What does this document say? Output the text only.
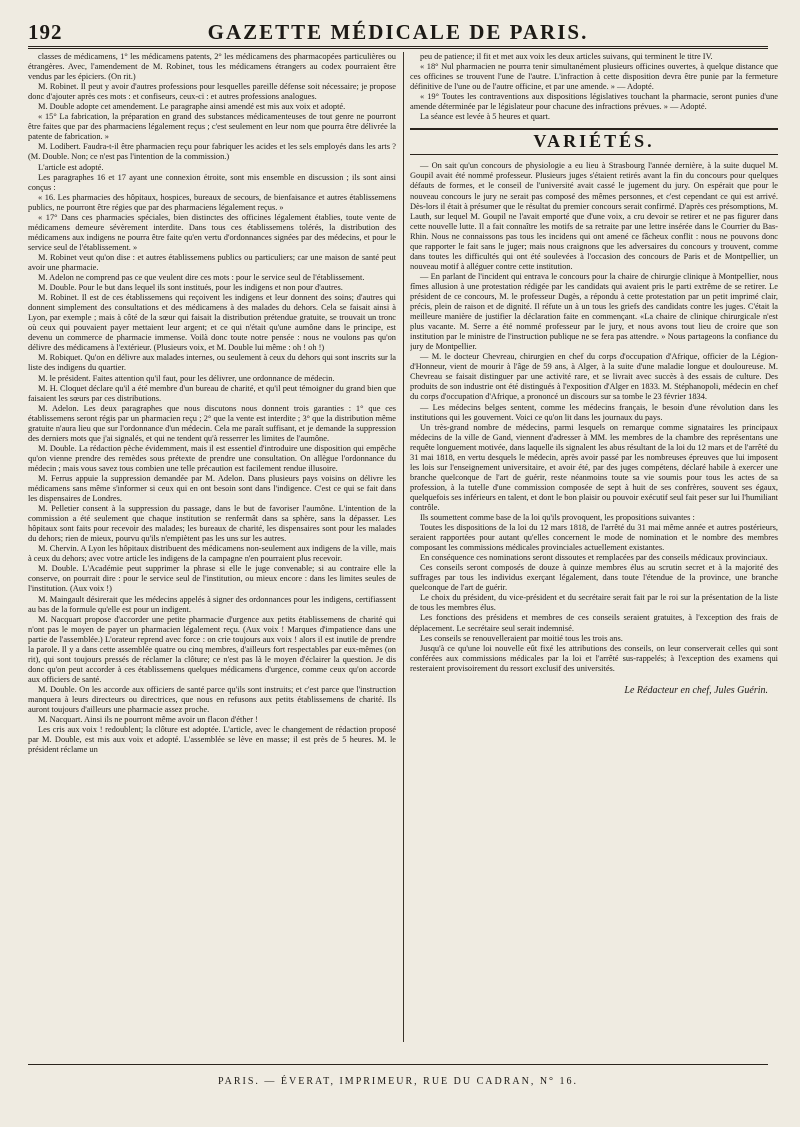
192	GAZETTE MÉDICALE DE PARIS.

classes de médicamens, 1° les médicamens patents, 2° les médicamens des pharmacopées particulières ou étrangères. Avec, l'amendement de M. Robinet, tous les médicamens étrangers au codex pourraient être vendus par les épiciers. (On rit.)

M. Robinet. Il peut y avoir d'autres professions pour lesquelles pareille défense soit nécessaire; je propose donc d'ajouter après ces mots : et confiseurs, ceux-ci : et autres professions analogues.

M. Double adopte cet amendement. Le paragraphe ainsi amendé est mis aux voix et adopté.

« 15° La fabrication, la préparation en grand des substances médicamenteuses de tout genre ne pourront être faites que par des pharmaciens légalement reçus ; c'est seulement en leur nom que pourra être délivrée la patente de fabrication. »

M. Lodibert. Faudra-t-il être pharmacien reçu pour fabriquer les acides et les sels employés dans les arts ? (M. Double. Non; ce n'est pas l'intention de la commission.)

L'article est adopté.

Les paragraphes 16 et 17 ayant une connexion étroite, sont mis ensemble en discussion ; ils sont ainsi conçus :

« 16. Les pharmacies des hôpitaux, hospices, bureaux de secours, de bienfaisance et autres établissemens publics, ne pourront être régies que par des pharmaciens légalement reçus. »

« 17° Dans ces pharmacies spéciales, bien distinctes des officines légalement établies, toute vente de médicamens demeure sévèrement interdite. Dans tous ces établissemens tolérés, la distribution des médicamens aux indigens ne pourra être faite qu'en vertu d'ordonnances signées par des médecins, et pour le service seul de l'établissement. »

M. Robinet veut qu'on dise : et autres établissemens publics ou particuliers; car une maison de santé peut avoir une pharmacie.

M. Adelon ne comprend pas ce que veulent dire ces mots : pour le service seul de l'établissement.

M. Double. Pour le but dans lequel ils sont institués, pour les indigens et non pour d'autres.

M. Robinet. Il est de ces établissemens qui reçoivent les indigens et leur donnent des soins; d'autres qui donnent simplement des consultations et des médicamens à des malades du dehors. Cela se faisait ainsi à Lyon, par exemple ; mais à côté de la sœur qui faisait la distribution prétendue gratuite, se trouvait un tronc où ceux qui pouvaient payer mettaient leur argent; et ce qui n'était qu'une aumône dans le principe, est devenu un commerce de pharmacie immense. Voilà donc toute notre pensée : nous ne voulons pas qu'on délivre des médicamens à l'extérieur. (Plusieurs voix, et M. Double lui même : oh ! oh !)

M. Robiquet. Qu'on en délivre aux malades internes, ou seulement à ceux du dehors qui sont inscrits sur la liste des indigens du quartier.

M. le président. Faites attention qu'il faut, pour les délivrer, une ordonnance de médecin.

M. H. Cloquet déclare qu'il a été membre d'un bureau de charité, et qu'il peut témoigner du grand bien que faisaient les sœurs par ces distributions.

M. Adelon. Les deux paragraphes que nous discutons nous donnent trois garanties : 1° que ces établissemens seront régis par un pharmacien reçu ; 2° que la vente est interdite ; 3° que la distribution même gratuite n'aura lieu que sur l'ordonnance d'un médecin. Cela me paraît suffisant, et je demande la suppression des derniers mots que j'ai signalés, et qui ne tendent qu'à resserrer les limites de l'aumône.

M. Double. La rédaction pèche évidemment, mais il est essentiel d'introduire une disposition qui empêche qu'on vienne prendre des remèdes sous prétexte de prendre une consultation. On allègue l'ordonnance du médecin ; mais vous savez tous combien une telle précaution est facilement rendue illusoire.

M. Ferrus appuie la suppression demandée par M. Adelon. Dans plusieurs pays voisins on délivre les médicamens sans même s'informer si ceux qui en ont besoin sont dans l'indigence. C'est ce qui se fait dans les dispensaires de Londres.

M. Pelletier consent à la suppression du passage, dans le but de favoriser l'aumône. L'intention de la commission a été seulement que chaque institution se renfermât dans sa sphère, sans la dépasser. Les hôpitaux sont faits pour recevoir des malades; les bureaux de charité, les dispensaires sont pour les malades du dehors; rien de mieux, pourvu qu'ils n'empiètent pas les uns sur les autres.

M. Chervin. A Lyon les hôpitaux distribuent des médicamens non-seulement aux indigens de la ville, mais à ceux du dehors; avec votre article les indigens de la campagne n'en pourraient plus recevoir.

M. Double. L'Académie peut supprimer la phrase si elle le juge convenable; si au contraire elle la conserve, on pourrait dire : pour le service seul de l'institution, ou mieux encore : dans les limites seules de l'institution. (Aux voix !)

M. Maingault désirerait que les médecins appelés à signer des ordonnances pour les indigens, certifiassent au bas de la formule qu'elle est pour un indigent.

M. Nacquart propose d'accorder une petite pharmacie d'urgence aux petits établissemens de charité qui n'ont pas le moyen de payer un pharmacien légalement reçu. (Aux voix ! Marques d'impatience dans une partie de l'assemblée.) L'orateur reprend avec force : on crie toujours aux voix ! alors il est inutile de prendre la parole. Il y a dans cette assemblée quatre ou cinq membres, d'ailleurs fort respectables par eux-mêmes (on rit), qui sont toujours pressés de réclamer la clôture; ce n'est pas là le moyen d'éclairer la question. Je dis donc qu'on peut accorder à ces établissemens quelques médicamens d'urgence, comme ceux qu'on accorde aux officiers de santé.

M. Double. On les accorde aux officiers de santé parce qu'ils sont instruits; et c'est parce que l'instruction manquera à leurs directeurs ou directrices, que nous en refusons aux petits établissemens de charité. Ils auront toujours d'ailleurs une pharmacie assez proche.

M. Nacquart. Ainsi ils ne pourront même avoir un flacon d'éther !

Les cris aux voix ! redoublent; la clôture est adoptée. L'article, avec le changement de rédaction proposé par M. Double, est mis aux voix et adopté. L'assemblée se lève en masse; il est près de 5 heures. M. le président réclame un

peu de patience; il fit et met aux voix les deux articles suivans, qui terminent le titre IV.

« 18° Nul pharmacien ne pourra tenir simultanément plusieurs officines ouvertes, à quelque distance que ces officines se trouvent l'une de l'autre. L'infraction à cette disposition devra être punie par la fermeture définitive de l'une ou de l'autre officine, et par une amende. » — Adopté.

« 19° Toutes les contraventions aux dispositions législatives touchant la pharmacie, seront punies d'une amende déterminée par le législateur pour chacune des infractions prévues. » — Adopté.

La séance est levée à 5 heures et quart.

VARIÉTÉS.

— On sait qu'un concours de physiologie a eu lieu à Strasbourg l'année dernière, à la suite duquel M. Goupil avait été nommé professeur. Plusieurs juges s'étaient retirés avant la fin du concours pour quelques défauts de formes, et le conseil de l'université avait cassé le jugement du jury. On espérait que pour le nouveau concours le jury ne serait pas composé des mêmes personnes, et c'est cependant ce qui est arrivé. Dès-lors il était à présumer que le résultat du premier concours serait confirmé. D'après ces présomptions, M. Lauth, sur lequel M. Goupil ne l'avait emporté que d'une voix, a cru devoir se retirer et ne pas figurer dans cette nouvelle lutte. Il a fait connaître les motifs de sa retraite par une lettre insérée dans le Courrier du Bas-Rhin. Nous ne connaissons pas tous les incidens qui ont amené ce fâcheux conflit : nous ne pouvons donc que rapporter le fait sans le juger; mais nous craignons que les adversaires du concours y trouvent, comme dans toutes les difficultés qui ont été soulevées à l'occasion des concours de Paris et de Montpellier, un nouveau motif à alléguer contre cette institution.

— En parlant de l'incident qui entrava le concours pour la chaire de chirurgie clinique à Montpellier, nous fîmes allusion à une protestation rédigée par les candidats qui avaient pris le parti extrême de se retirer. Le président de ce concours, M. le professeur Dugès, a répondu à cette protestation par un petit imprimé clair, précis, plein de raison et de dignité. Il réfute un à un tous les griefs des candidats contre les juges. C'était la meilleure manière de justifier la déclaration faite en commençant. «La chaire de clinique chirurgicale n'est plus vacante. M. Serre a été nommé professeur par le jury, et nous avons tout lieu de croire que son institution par le ministre de l'instruction publique ne se fera pas attendre. » Nous partageons la confiance du jury de Montpellier.

— M. le docteur Chevreau, chirurgien en chef du corps d'occupation d'Afrique, officier de la Légion-d'Honneur, vient de mourir à l'âge de 59 ans, à Alger, à la suite d'une maladie longue et douloureuse. M. Chevreau se faisait distinguer par une activité rare, et se livrait avec succès à des essais de culture. Des produits de son industrie ont été distingués à l'exposition d'Alger en 1833. M. Stéphanopoli, médecin en chef du corps d'occupation d'Afrique, a prononcé un discours sur sa tombe le 23 février 1834.

— Les médecins belges sentent, comme les médecins français, le besoin d'une révolution dans les institutions qui les gouvernent. Voici ce qu'on lit dans les journaux du pays.

Un très-grand nombre de médecins, parmi lesquels on remarque comme signataires les principaux médecins de la ville de Gand, viennent d'adresser à MM. les membres de la chambre des représentans une requête longuement motivée, dans laquelle ils signalent les abus résultant de la loi du 12 mars et de l'arrêté du 31 mai 1818, en vertu desquels le médecin, après avoir passé par les nombreuses épreuves que lui imposent les lois sur l'enseignement universitaire, et avoir été, par des juges compétens, déclaré habile à exercer une branche quelconque de l'art de guérir, reste néanmoins toute sa vie soumis pour tous les actes de sa profession, à la tutelle d'une commission composée de sept à huit de ses confrères, souvent ses égaux, quelquefois ses inférieurs en talent, et dont le bon plaisir ou pouvoir exécutif seul fait peser sur lui l'humiliant contrôle.

Ils soumettent comme base de la loi qu'ils provoquent, les propositions suivantes :

Toutes les dispositions de la loi du 12 mars 1818, de l'arrêté du 31 mai même année et autres postérieurs, seraient rapportées pour autant qu'elles concernent le mode de nomination et le nombre des membres composant les commissions médicales provinciales actuellement existantes.

En conséquence ces nominations seront dissoutes et remplacées par des conseils médicaux provinciaux.

Ces conseils seront composés de douze à quinze membres élus au scrutin secret et à la majorité des suffrages par tous les individus exerçant légalement, dans toute l'étendue de la province, une branche quelconque de l'art de guérir.

Le choix du président, du vice-président et du secrétaire serait fait par le roi sur la présentation de la liste de tous les membres élus.

Les fonctions des présidens et membres de ces conseils seraient gratuites, à l'exception des frais de déplacement. Le secrétaire seul serait indemnisé.

Les conseils se renouvelleraient par moitié tous les trois ans.

Jusqu'à ce qu'une loi nouvelle eût fixé les attributions des conseils, on leur conserverait celles qui sont conférées aux commissions médicales par la loi et l'arrêté sus-rappelés; à l'exception des examens qui resteraient provisoirement du ressort exclusif des universités.

Le Rédacteur en chef, Jules Guérin.
PARIS. — ÉVERAT, IMPRIMEUR, RUE DU CADRAN, N° 16.
